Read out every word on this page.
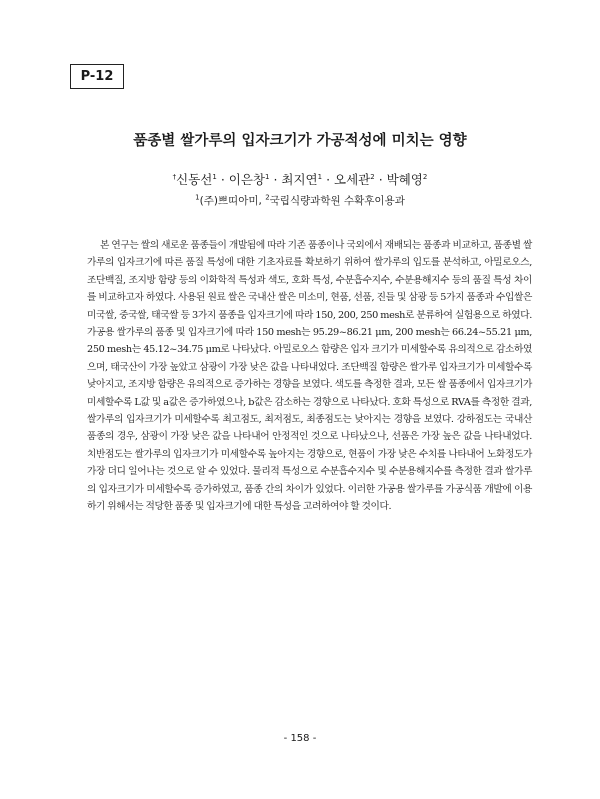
P-12
품종별 쌀가루의 입자크기가 가공적성에 미치는 영향
†신동선$^1$ · 이은창$^1$ · 최지연$^1$ · 오세관$^2$ · 박혜영$^2$
$^1$(주)쁘띠아미, $^2$국립식량과학원 수확후이용과

본 연구는 쌀의 새로운 품종들이 개발됨에 따라 기존 품종이나 국외에서 재배되는 품종과 비교하고, 품종별 쌀가루의 입자크기에 따른 품질 특성에 대한 기초자료를 확보하기 위하여 쌀가루의 입도를 분석하고, 아밀로오스, 조단백질, 조지방 함량 등의 이화학적 특성과 색도, 호화 특성, 수분흡수지수, 수분용해지수 등의 품질 특성 차이를 비교하고자 하였다. 사용된 원료 쌀은 국내산 쌀은 미소미, 현품, 선품, 진들 및 삼광 등 5가지 품종과 수입쌀은 미국쌀, 중국쌀, 태국쌀 등 3가지 품종을 입자크기에 따라 150, 200, 250 mesh로 분류하여 실험용으로 하였다. 가공용 쌀가루의 품종 및 입자크기에 따라 150 mesh는 95.29~86.21 μm, 200 mesh는 66.24~55.21 μm, 250 mesh는 45.12~34.75 μm로 나타났다. 아밀로오스 함량은 입자 크기가 미세할수록 유의적으로 감소하였으며, 태국산이 가장 높았고 삼광이 가장 낮은 값을 나타내었다. 조단백질 함량은 쌀가루 입자크기가 미세할수록 낮아지고, 조지방 함량은 유의적으로 증가하는 경향을 보였다. 색도를 측정한 결과, 모든 쌀 품종에서 입자크기가 미세할수록 L값 및 a값은 증가하였으나, b값은 감소하는 경향으로 나타났다. 호화 특성으로 RVA를 측정한 결과, 쌀가루의 입자크기가 미세할수록 최고점도, 최저점도, 최종점도는 낮아지는 경향을 보였다. 강하점도는 국내산 품종의 경우, 삼광이 가장 낮은 값을 나타내어 안정적인 것으로 나타났으나, 선품은 가장 높은 값을 나타내었다. 치반점도는 쌀가루의 입자크기가 미세할수록 높아지는 경향으로, 현품이 가장 낮은 수치를 나타내어 노화정도가 가장 더디 일어나는 것으로 알 수 있었다. 물리적 특성으로 수분흡수지수 및 수분용해지수를 측정한 결과 쌀가루의 입자크기가 미세할수록 증가하였고, 품종 간의 차이가 있었다. 이러한 가공용 쌀가루를 가공식품 개발에 이용하기 위해서는 적당한 품종 및 입자크기에 대한 특성을 고려하여야 할 것이다.

- 158 -
